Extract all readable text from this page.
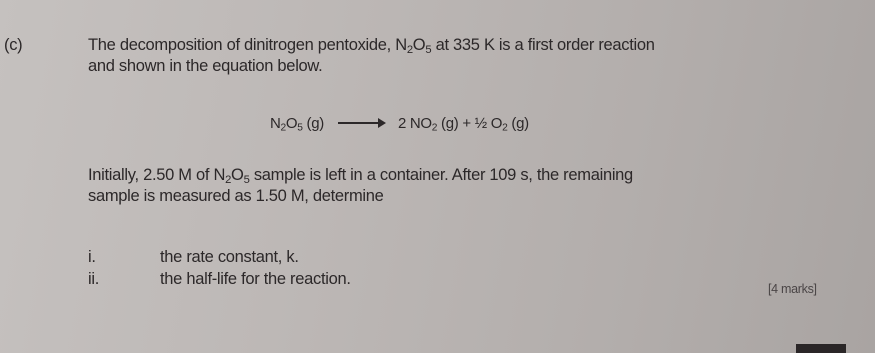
(c)	The decomposition of dinitrogen pentoxide, $N_2O_5$ at 335 K is a first order reaction
and shown in the equation below.
$N_2O_5$ (g) → 2 $NO_2$ (g) + ½ $O_2$ (g)
Initially, 2.50 M of $N_2O_5$ sample is left in a container. After 109 s, the remaining
sample is measured as 1.50 M, determine
i.	the rate constant, k.
ii.	the half-life for the reaction.
[4 marks]
